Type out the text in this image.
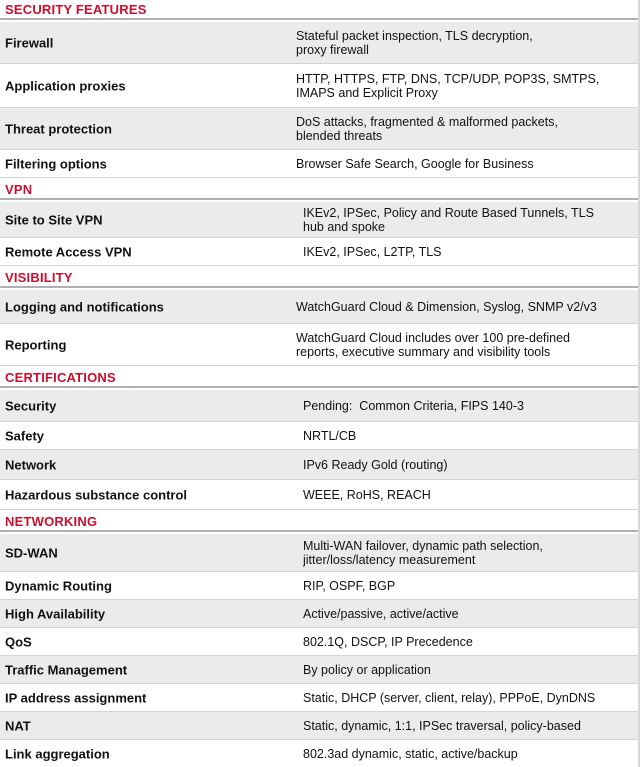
SECURITY FEATURES
Firewall	Stateful packet inspection, TLS decryption,
proxy firewall
Application proxies	HTTP, HTTPS, FTP, DNS, TCP/UDP, POP3S, SMTPS,
IMAPS and Explicit Proxy
Threat protection	DoS attacks, fragmented & malformed packets,
blended threats
Filtering options	Browser Safe Search, Google for Business
VPN
Site to Site VPN	IKEv2, IPSec, Policy and Route Based Tunnels, TLS
hub and spoke
Remote Access VPN	IKEv2, IPSec, L2TP, TLS
VISIBILITY
Logging and notifications	WatchGuard Cloud & Dimension, Syslog, SNMP v2/v3
Reporting	WatchGuard Cloud includes over 100 pre-defined
reports, executive summary and visibility tools
CERTIFICATIONS
Security	Pending:  Common Criteria, FIPS 140-3
Safety	NRTL/CB
Network	IPv6 Ready Gold (routing)
Hazardous substance control	WEEE, RoHS, REACH
NETWORKING
SD-WAN	Multi-WAN failover, dynamic path selection,
jitter/loss/latency measurement
Dynamic Routing	RIP, OSPF, BGP
High Availability	Active/passive, active/active
QoS	802.1Q, DSCP, IP Precedence
Traffic Management	By policy or application
IP address assignment	Static, DHCP (server, client, relay), PPPoE, DynDNS
NAT	Static, dynamic, 1:1, IPSec traversal, policy-based
Link aggregation	802.3ad dynamic, static, active/backup
